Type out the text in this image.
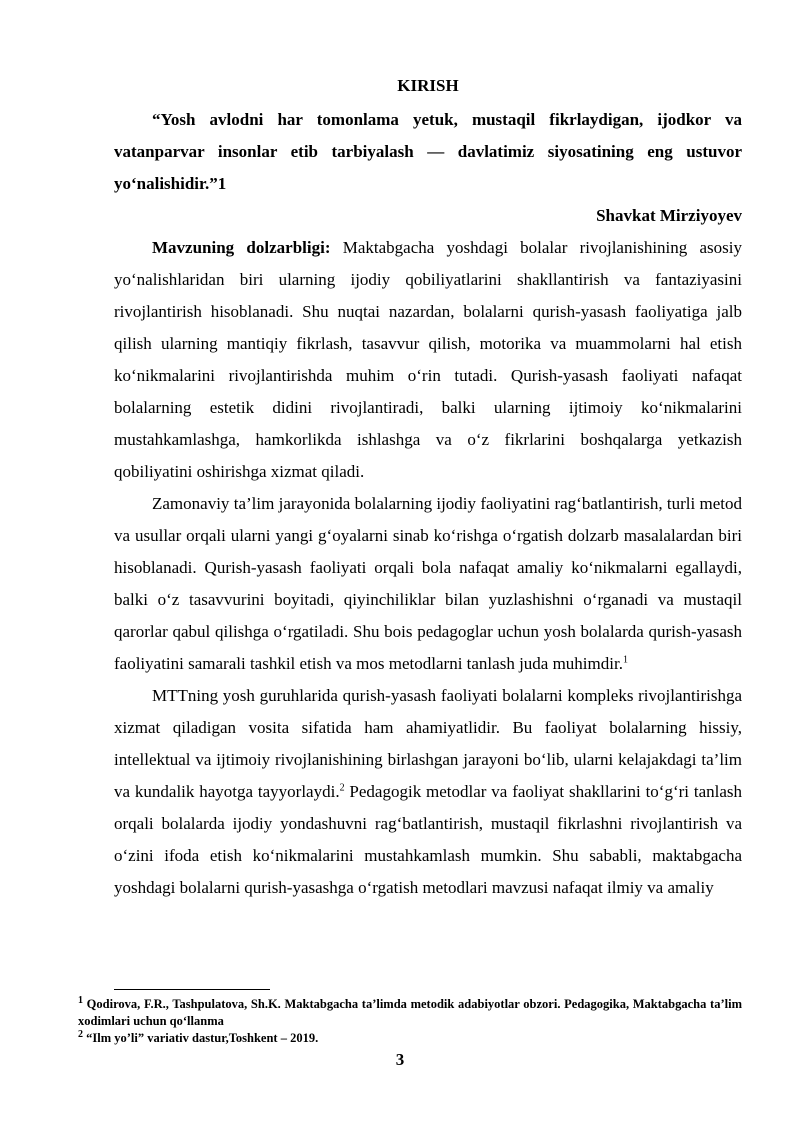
KIRISH

“Yosh avlodni har tomonlama yetuk, mustaqil fikrlaydigan, ijodkor va vatanparvar insonlar etib tarbiyalash — davlatimiz siyosatining eng ustuvor yo‘nalishidir.”1

Shavkat Mirziyoyev

Mavzuning dolzarbligi: Maktabgacha yoshdagi bolalar rivojlanishining asosiy yo‘nalishlaridan biri ularning ijodiy qobiliyatlarini shakllantirish va fantaziyasini rivojlantirish hisoblanadi. Shu nuqtai nazardan, bolalarni qurish-yasash faoliyatiga jalb qilish ularning mantiqiy fikrlash, tasavvur qilish, motorika va muammolarni hal etish ko‘nikmalarini rivojlantirishda muhim o‘rin tutadi. Qurish-yasash faoliyati nafaqat bolalarning estetik didini rivojlantiradi, balki ularning ijtimoiy ko‘nikmalarini mustahkamlashga, hamkorlikda ishlashga va o‘z fikrlarini boshqalarga yetkazish qobiliyatini oshirishga xizmat qiladi.

Zamonaviy ta’lim jarayonida bolalarning ijodiy faoliyatini rag‘batlantirish, turli metod va usullar orqali ularni yangi g‘oyalarni sinab ko‘rishga o‘rgatish dolzarb masalalardan biri hisoblanadi. Qurish-yasash faoliyati orqali bola nafaqat amaliy ko‘nikmalarni egallaydi, balki o‘z tasavvurini boyitadi, qiyinchiliklar bilan yuzlashishni o‘rganadi va mustaqil qarorlar qabul qilishga o‘rgatiladi. Shu bois pedagoglar uchun yosh bolalarda qurish-yasash faoliyatini samarali tashkil etish va mos metodlarni tanlash juda muhimdir.$^1$

MTTning yosh guruhlarida qurish-yasash faoliyati bolalarni kompleks rivojlantirishga xizmat qiladigan vosita sifatida ham ahamiyatlidir. Bu faoliyat bolalarning hissiy, intellektual va ijtimoiy rivojlanishining birlashgan jarayoni bo‘lib, ularni kelajakdagi ta’lim va kundalik hayotga tayyorlaydi.$^2$ Pedagogik metodlar va faoliyat shakllarini to‘g‘ri tanlash orqali bolalarda ijodiy yondashuvni rag‘batlantirish, mustaqil fikrlashni rivojlantirish va o‘zini ifoda etish ko‘nikmalarini mustahkamlash mumkin. Shu sababli, maktabgacha yoshdagi bolalarni qurish-yasashga o‘rgatish metodlari mavzusi nafaqat ilmiy va amaliy

$^1$ Qodirova, F.R., Tashpulatova, Sh.K. Maktabgacha ta’limda metodik adabiyotlar obzori. Pedagogika, Maktabgacha ta’lim xodimlari uchun qo‘llanma

$^2$ “Ilm yo’li” variativ dastur,Toshkent – 2019.

3
